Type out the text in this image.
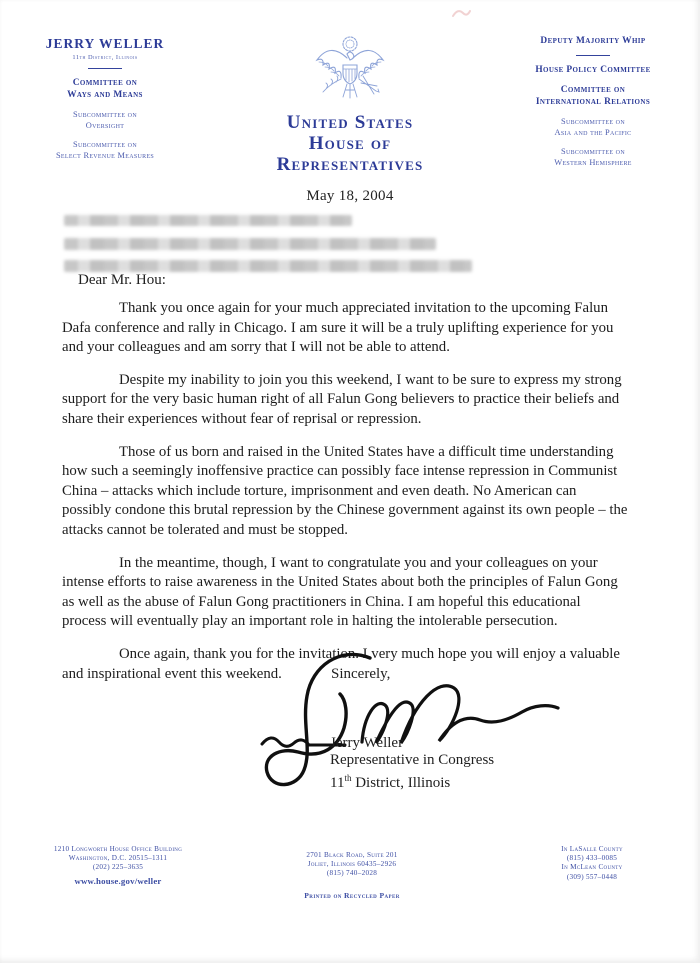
JERRY WELLER
11th District, Illinois
Committee on
Ways and Means
Subcommittee on
Oversight
Subcommittee on
Select Revenue Measures
United States
House of Representatives
May 18, 2004
Deputy Majority Whip
House Policy Committee
Committee on
International Relations
Subcommittee on
Asia and the Pacific
Subcommittee on
Western Hemisphere
Dear Mr. Hou:

Thank you once again for your much appreciated invitation to the upcoming Falun Dafa conference and rally in Chicago. I am sure it will be a truly uplifting experience for you and your colleagues and am sorry that I will not be able to attend.

Despite my inability to join you this weekend, I want to be sure to express my strong support for the very basic human right of all Falun Gong believers to practice their beliefs and share their experiences without fear of reprisal or repression.

Those of us born and raised in the United States have a difficult time understanding how such a seemingly inoffensive practice can possibly face intense repression in Communist China – attacks which include torture, imprisonment and even death. No American can possibly condone this brutal repression by the Chinese government against its own people – the attacks cannot be tolerated and must be stopped.

In the meantime, though, I want to congratulate you and your colleagues on your intense efforts to raise awareness in the United States about both the principles of Falun Gong as well as the abuse of Falun Gong practitioners in China. I am hopeful this educational process will eventually play an important role in halting the intolerable persecution.

Once again, thank you for the invitation. I very much hope you will enjoy a valuable and inspirational event this weekend.	Sincerely,
Jerry Weller
Representative in Congress
11th District, Illinois
1210 Longworth House Office Building
Washington, D.C. 20515–1311
(202) 225–3635
www.house.gov/weller
2701 Black Road, Suite 201
Joliet, Illinois 60435–2926
(815) 740–2028
Printed on Recycled Paper
In LaSalle County
(815) 433–0085
In McLean County
(309) 557–0448
